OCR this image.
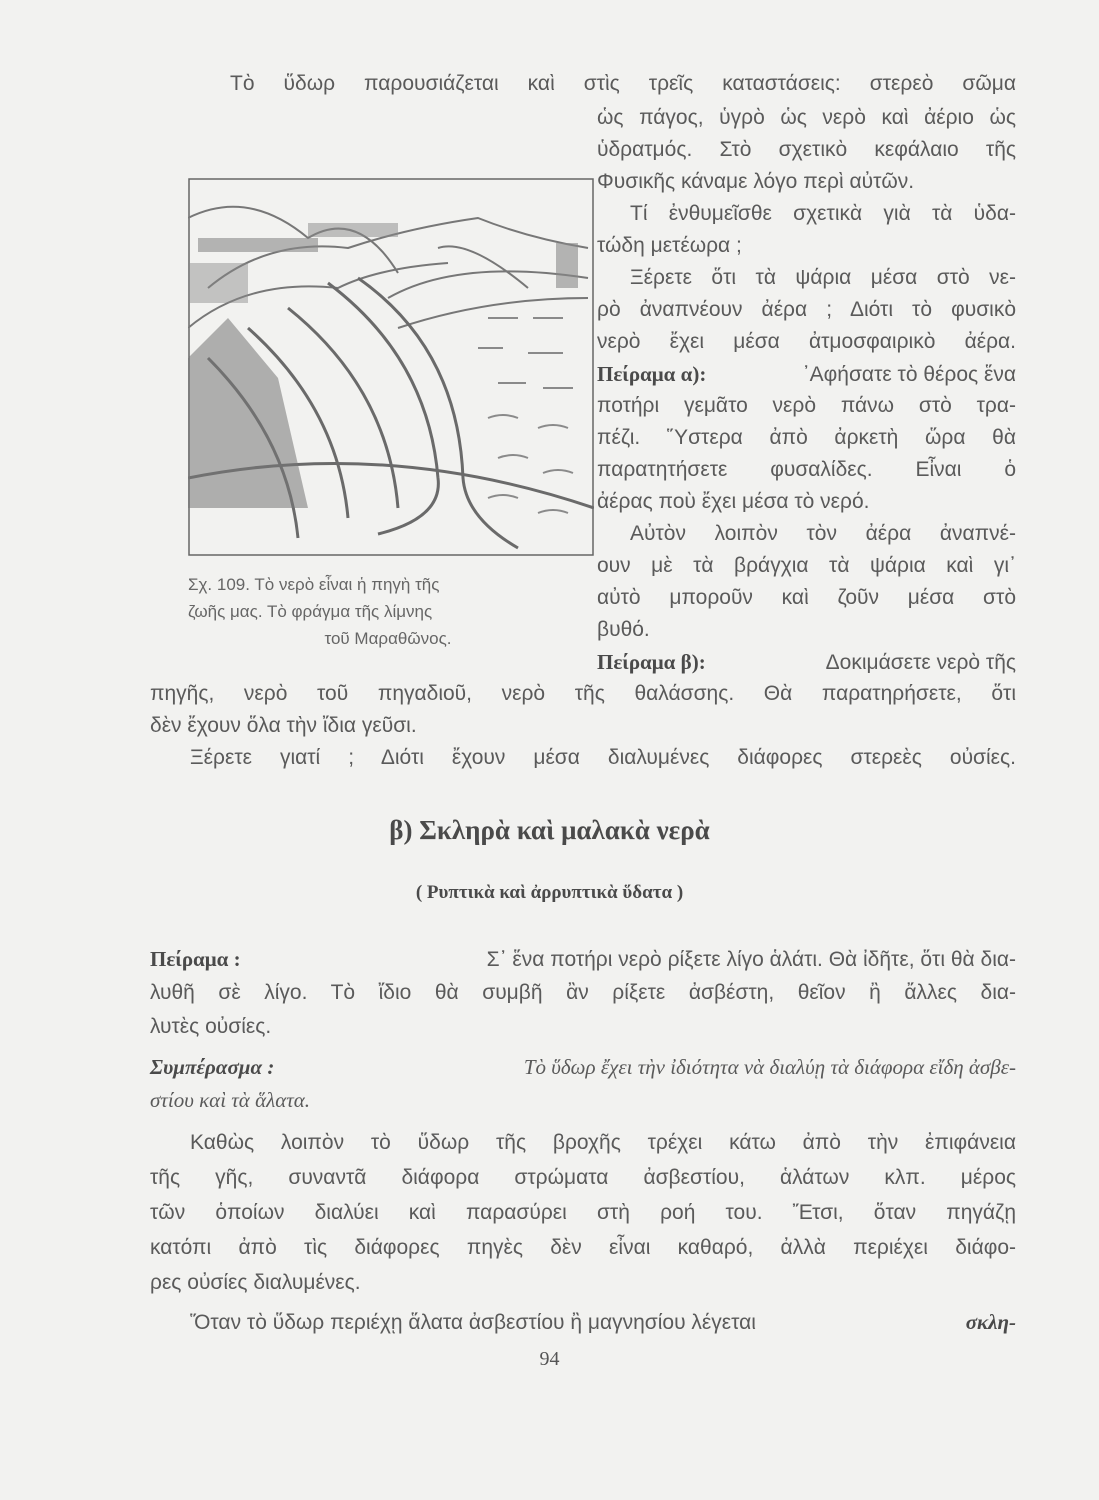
Τὸ ὕδωρ παρουσιάζεται καὶ στὶς τρεῖς καταστάσεις: στερεὸ σῶμα
ὡς πάγος, ὑγρὸ ὡς νερὸ καὶ ἀέριο ὡς
ὑδρατμός. Στὸ σχετικὸ κεφάλαιο τῆς
Φυσικῆς κάναμε λόγο περὶ αὐτῶν.
Τί ἐνθυμεῖσθε σχετικὰ γιὰ τὰ ὑδα-
τώδη μετέωρα ;
Ξέρετε ὅτι τὰ ψάρια μέσα στὸ νε-
ρὸ ἀναπνέουν ἀέρα ; Διότι τὸ φυσικὸ
νερὸ ἔχει μέσα ἀτμοσφαιρικὸ ἀέρα.
Πείραμα α):	᾿Αφήσατε τὸ θέρος ἕνα
ποτήρι γεμᾶτο νερὸ πάνω στὸ τρα-
πέζι. Ὕστερα ἀπὸ ἀρκετὴ ὥρα θὰ
παρατητήσετε φυσαλίδες. Εἶναι ὁ
ἀέρας ποὺ ἔχει μέσα τὸ νερό.
Αὐτὸν λοιπὸν τὸν ἀέρα ἀναπνέ-
ουν μὲ τὰ βράγχια τὰ ψάρια καὶ γι᾿
αὐτὸ μποροῦν καὶ ζοῦν μέσα στὸ
βυθό.
Σχ. 109. Τὸ νερὸ εἶναι ἡ πηγὴ τῆς
ζωῆς μας. Τὸ φράγμα τῆς λίμνης
τοῦ Μαραθῶνος.
Πείραμα β):	Δοκιμάσετε νερὸ τῆς
πηγῆς, νερὸ τοῦ πηγαδιοῦ, νερὸ τῆς θαλάσσης. Θὰ παρατηρήσετε, ὅτι
δὲν ἔχουν ὅλα τὴν ἴδια γεῦσι.
Ξέρετε γιατί ; Διότι ἔχουν μέσα διαλυμένες διάφορες στερεὲς οὐσίες.
β) Σκληρὰ καὶ μαλακὰ νερὰ
( Ρυπτικὰ καὶ ἀρρυπτικὰ ὕδατα )
Πείραμα :	Σ᾿ ἕνα ποτήρι νερὸ ρίξετε λίγο ἁλάτι. Θὰ ἰδῆτε, ὅτι θὰ δια-
λυθῆ σὲ λίγο. Τὸ ἴδιο θὰ συμβῆ ἂν ρίξετε ἀσβέστη, θεῖον ἢ ἄλλες δια-
λυτὲς οὐσίες.
Συμπέρασμα :	Τὸ ὕδωρ ἔχει τὴν ἰδιότητα νὰ διαλύῃ τὰ διάφορα εἴδη ἀσβε-
στίου καὶ τὰ ἅλατα.
Καθὼς λοιπὸν τὸ ὕδωρ τῆς βροχῆς τρέχει κάτω ἀπὸ τὴν ἐπιφάνεια
τῆς γῆς, συναντᾶ διάφορα στρώματα ἀσβεστίου, ἁλάτων κλπ. μέρος
τῶν ὁποίων διαλύει καὶ παρασύρει στὴ ροή του. Ἔτσι, ὅταν πηγάζῃ
κατόπι ἀπὸ τὶς διάφορες πηγὲς δὲν εἶναι καθαρό, ἀλλὰ περιέχει διάφο-
ρες οὐσίες διαλυμένες.
Ὅταν τὸ ὕδωρ περιέχῃ ἅλατα ἀσβεστίου ἢ μαγνησίου λέγεται	σκλη-
94
